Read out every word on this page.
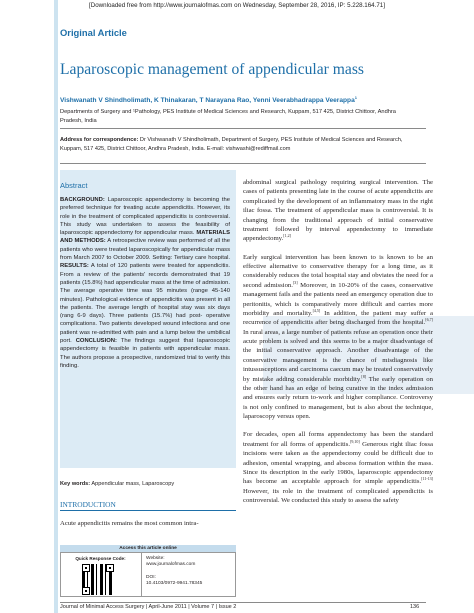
[Downloaded free from http://www.journalofmas.com on Wednesday, September 28, 2016, IP: 5.228.164.71]
Original Article
Laparoscopic management of appendicular mass
Vishwanath V Shindholimath, K Thinakaran, T Narayana Rao, Yenni Veerabhadrappa Veerappa$^1$
Departments of Surgery and ¹Pathology, PES Institute of Medical Sciences and Research, Kuppam, 517 425, District Chittoor, Andhra Pradesh, India
Address for correspondence: Dr Vishwanath V Shindholimath, Department of Surgery, PES Institute of Medical Sciences and Research, Kuppam, 517 425, District Chittoor, Andhra Pradesh, India. E-mail: vishwashi@rediffmail.com
Abstract
BACKGROUND: Laparoscopic appendectomy is becoming the preferred technique for treating acute appendicitis. However, its role in the treatment of complicated appendicitis is controversial. This study was undertaken to assess the feasibility of laparoscopic appendectomy for appendicular mass. MATERIALS AND METHODS: A retrospective review was performed of all the patients who were treated laparoscopically for appendicular mass from March 2007 to October 2009. Setting: Tertiary care hospital. RESULTS: A total of 120 patients were treated for appendicitis. From a review of the patients' records demonstrated that 19 patients (15.8%) had appendicular mass at the time of admission. The average operative time was 95 minutes (range 45-140 minutes). Pathological evidence of appendicitis was present in all the patients. The average length of hospital stay was six days (rang 6-9 days). Three patients (15.7%) had post- operative complications. Two patients developed wound infections and one patient was re-admitted with pain and a lump below the umbilical port. CONCLUSION: The findings suggest that laparoscopic appendectomy is feasible in patients with appendicular mass. The authors propose a prospective, randomized trial to verify this finding.
Key words: Appendicular mass, Laparoscopy
INTRODUCTION
Acute appendicitis remains the most common intra-
Access this article online
Quick Response Code:	Website:
www.journalofmas.com
DOI:
10.4103/0972-9941.78345

abdominal surgical pathology requiring surgical intervention. The cases of patients presenting late in the course of acute appendicitis are complicated by the development of an inflammatory mass in the right iliac fossa. The treatment of appendicular mass is controversial. It is changing from the traditional approach of initial conservative treatment followed by interval appendectomy to immediate appendectomy.[1,2]

Early surgical intervention has been known to is known to be an effective alternative to conservative therapy for a long time, as it considerably reduces the total hospital stay and obviates the need for a second admission.[3] Moreover, in 10-20% of the cases, conservative management fails and the patients need an emergency operation due to peritonitis, which is comparatively more difficult and carries more morbidity and mortality.[4,5] In addition, the patient may suffer a recurrence of appendicitis after being discharged from the hospital.[6,7] In rural areas, a large number of patients refuse an operation once their acute problem is solved and this seems to be a major disadvantage of the initial conservative approach. Another disadvantage of the conservative management is the chance of misdiagnosis like intussusceptions and carcinoma caecum may be treated conservatively by mistake adding considerable morbidity.[8] The early operation on the other hand has an edge of being curative in the index admission and ensures early return to-work and higher compliance. Controversy is not only confined to management, but is also about the technique, laparoscopy versus open.

For decades, open all forms appendectomy has been the standard treatment for all forms of appendicitis.[9,10] Generous right iliac fossa incisions were taken as the appendectomy could be difficult due to adhesion, omental wrapping, and abscess formation within the mass. Since its description in the early 1980s, laparoscopic appendectomy has become an acceptable approach for simple appendicitis.[11-13] However, its role in the treatment of complicated appendicitis is controversial. We conducted this study to assess the safety

Journal of Minimal Access Surgery | April-June 2011 | Volume 7 | Issue 2	136
